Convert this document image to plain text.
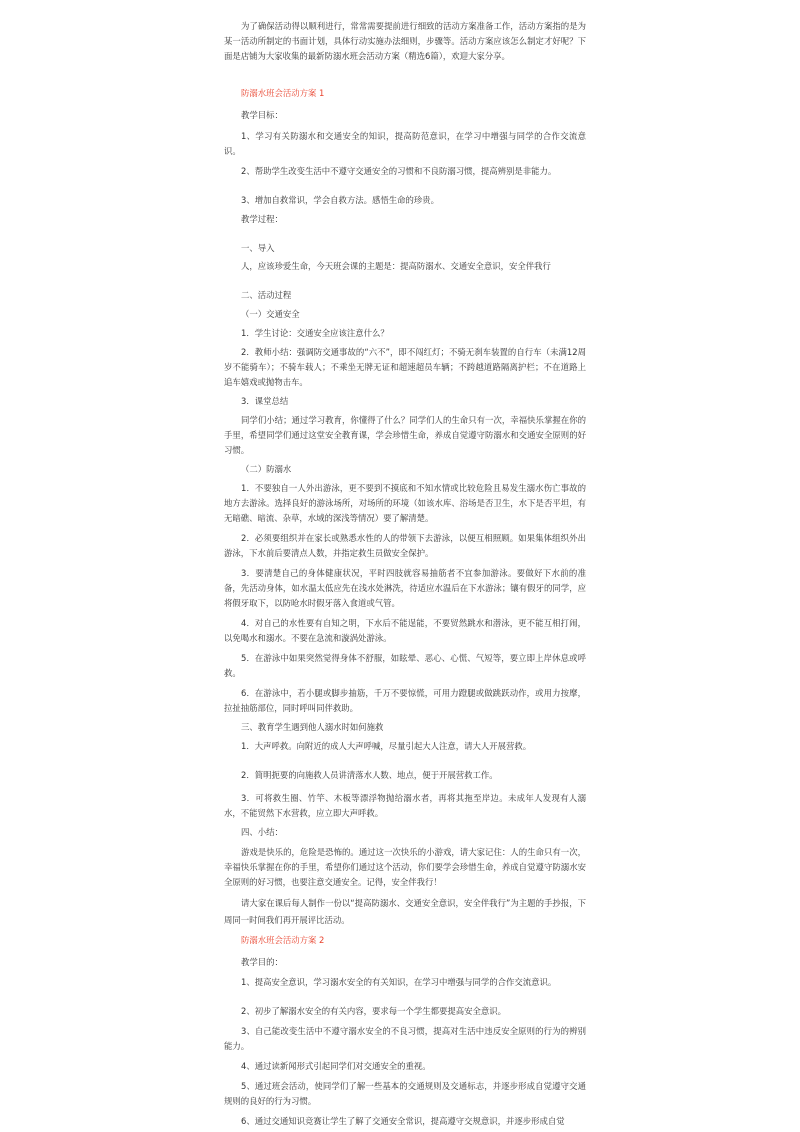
为了确保活动得以顺利进行，常常需要提前进行细致的活动方案准备工作，活动方案指的是为某一活动所制定的书面计划，具体行动实施办法细则，步骤等。活动方案应该怎么制定才好呢？下面是店铺为大家收集的最新防溺水班会活动方案（精选6篇），欢迎大家分享。

防溺水班会活动方案 1

教学目标：

1、学习有关防溺水和交通安全的知识，提高防范意识，在学习中增强与同学的合作交流意识。

2、帮助学生改变生活中不遵守交通安全的习惯和不良防溺习惯，提高辨别是非能力。

3、增加自救常识，学会自救方法。感悟生命的珍贵。

教学过程：

一、导入

人，应该珍爱生命，今天班会课的主题是：提高防溺水、交通安全意识，安全伴我行

二、活动过程

（一）交通安全

1．学生讨论：交通安全应该注意什么？

2．教师小结：强调防交通事故的“六不”，即不闯红灯；不骑无刹车装置的自行车（未满12周岁不能骑车）；不骑车载人；不乘坐无牌无证和超速超员车辆；不跨越道路隔离护栏；不在道路上追车嬉戏或抛物击车。

3．课堂总结

同学们小结；通过学习教育，你懂得了什么？同学们人的生命只有一次，幸福快乐掌握在你的手里，希望同学们通过这堂安全教育课，学会珍惜生命，养成自觉遵守防溺水和交通安全原则的好习惯。

（二）防溺水

1．不要独自一人外出游泳，更不要到不摸底和不知水情或比较危险且易发生溺水伤亡事故的地方去游泳。选择良好的游泳场所，对场所的环境（如该水库、浴场是否卫生，水下是否平坦，有无暗礁、暗流、杂草，水域的深浅等情况）要了解清楚。

2．必须要组织并在家长或熟悉水性的人的带领下去游泳，以便互相照顾。如果集体组织外出游泳，下水前后要清点人数，并指定救生员做安全保护。

3．要清楚自己的身体健康状况，平时四肢就容易抽筋者不宜参加游泳。要做好下水前的准备，先活动身体，如水温太低应先在浅水处淋洗，待适应水温后在下水游泳；镶有假牙的同学，应将假牙取下，以防呛水时假牙落入食道或气管。

4．对自己的水性要有自知之明，下水后不能逞能，不要贸然跳水和潜泳，更不能互相打闹，以免喝水和溺水。不要在急流和漩涡处游泳。

5．在游泳中如果突然觉得身体不舒服，如眩晕、恶心、心慌、气短等，要立即上岸休息或呼救。

6．在游泳中，若小腿或脚步抽筋，千万不要惊慌，可用力蹬腿或做跳跃动作，或用力按摩，拉扯抽筋部位，同时呼叫同伴救助。

三、教育学生遇到他人溺水时如何施救

1．大声呼救。向附近的成人大声呼喊，尽量引起大人注意，请大人开展营救。

2．简明扼要的向施救人员讲清落水人数、地点，便于开展营救工作。

3．可将救生圈、竹竿、木板等漂浮物抛给溺水者，再将其拖至岸边。未成年人发现有人溺水，不能贸然下水营救，应立即大声呼救。

四、小结：

游戏是快乐的，危险是恐怖的。通过这一次快乐的小游戏，请大家记住：人的生命只有一次，幸福快乐掌握在你的手里，希望你们通过这个活动，你们要学会珍惜生命，养成自觉遵守防溺水安全原则的好习惯，也要注意交通安全。记得，安全伴我行！

请大家在课后每人制作一份以“提高防溺水、交通安全意识，安全伴我行”为主题的手抄报，下周同一时间我们再开展评比活动。

防溺水班会活动方案 2

教学目的：

1、提高安全意识，学习溺水安全的有关知识，在学习中增强与同学的合作交流意识。

2、初步了解溺水安全的有关内容，要求每一个学生都要提高安全意识。

3、自己能改变生活中不遵守溺水安全的不良习惯，提高对生活中违反安全原则的行为的辨别能力。

4、通过读新闻形式引起同学们对交通安全的重视。

5、通过班会活动，使同学们了解一些基本的交通规则及交通标志，并逐步形成自觉遵守交通规则的良好的行为习惯。

6、通过交通知识竞赛让学生了解了交通安全常识，提高遵守交规意识，并逐步形成自觉
